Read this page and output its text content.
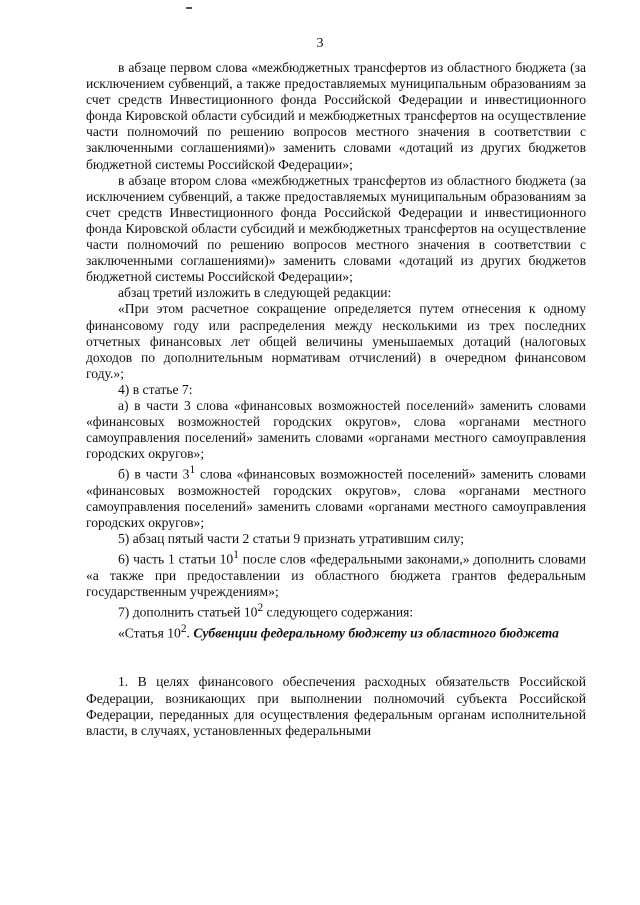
3

в абзаце первом слова «межбюджетных трансфертов из областного бюджета (за исключением субвенций, а также предоставляемых муниципальным образованиям за счет средств Инвестиционного фонда Российской Федерации и инвестиционного фонда Кировской области субсидий и межбюджетных трансфертов на осуществление части полномочий по решению вопросов местного значения в соответствии с заключенными соглашениями)» заменить словами «дотаций из других бюджетов бюджетной системы Российской Федерации»;

в абзаце втором слова «межбюджетных трансфертов из областного бюджета (за исключением субвенций, а также предоставляемых муниципальным образованиям за счет средств Инвестиционного фонда Российской Федерации и инвестиционного фонда Кировской области субсидий и межбюджетных трансфертов на осуществление части полномочий по решению вопросов местного значения в соответствии с заключенными соглашениями)» заменить словами «дотаций из других бюджетов бюджетной системы Российской Федерации»;

абзац третий изложить в следующей редакции:

«При этом расчетное сокращение определяется путем отнесения к одному финансовому году или распределения между несколькими из трех последних отчетных финансовых лет общей величины уменьшаемых дотаций (налоговых доходов по дополнительным нормативам отчислений) в очередном финансовом году.»;

4) в статье 7:

а) в части 3 слова «финансовых возможностей поселений» заменить словами «финансовых возможностей городских округов», слова «органами местного самоуправления поселений» заменить словами «органами местного самоуправления городских округов»;

б) в части $3^1$ слова «финансовых возможностей поселений» заменить словами «финансовых возможностей городских округов», слова «органами местного самоуправления поселений» заменить словами «органами местного самоуправления городских округов»;

5) абзац пятый части 2 статьи 9 признать утратившим силу;

6) часть 1 статьи $10^1$ после слов «федеральными законами,» дополнить словами «а также при предоставлении из областного бюджета грантов федеральным государственным учреждениям»;

7) дополнить статьей $10^2$ следующего содержания:

«Статья $10^2$. Субвенции федеральному бюджету из областного бюджета

1. В целях финансового обеспечения расходных обязательств Российской Федерации, возникающих при выполнении полномочий субъекта Российской Федерации, переданных для осуществления федеральным органам исполнительной власти, в случаях, установленных федеральными
